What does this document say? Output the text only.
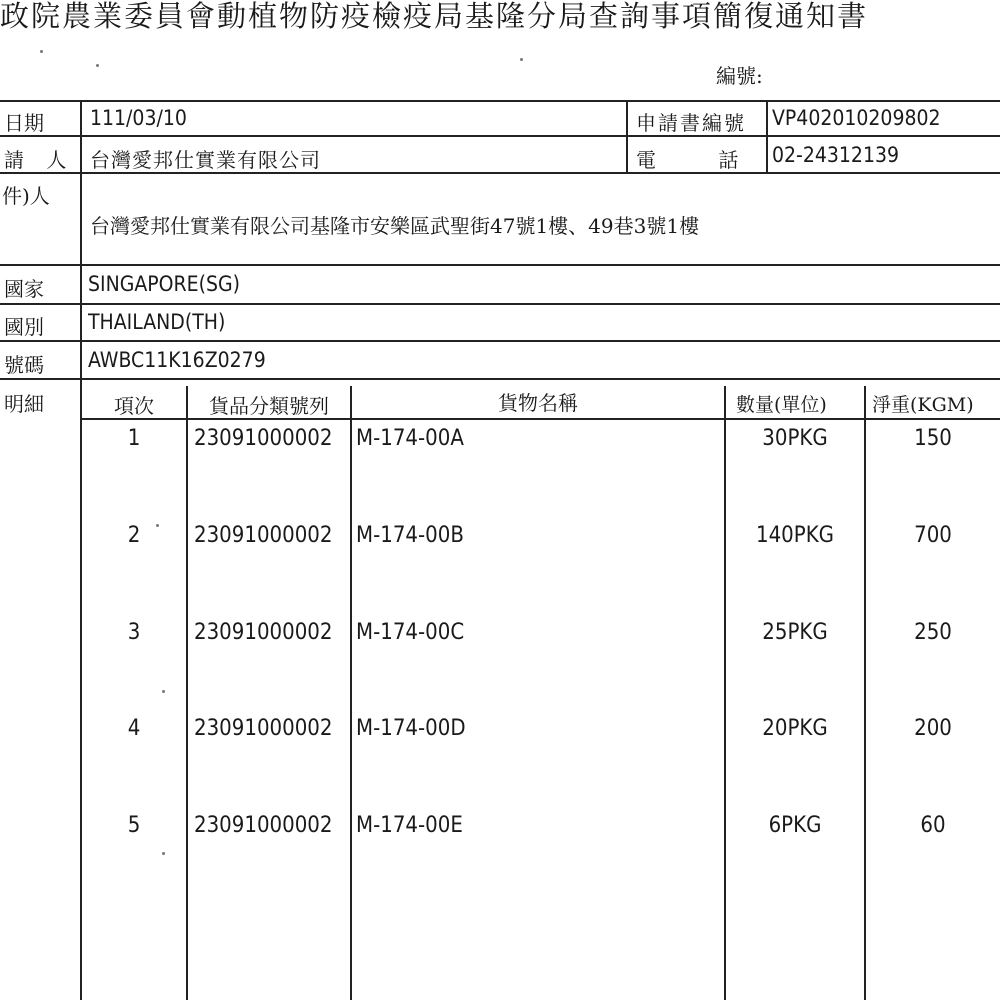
政院農業委員會動植物防疫檢疫局基隆分局查詢事項簡復通知書
編號:
日期 111/03/10	申請書編號 VP402010209802
請 人 台灣愛邦仕實業有限公司	電 話 02-24312139
件)人
台灣愛邦仕實業有限公司基隆市安樂區武聖街47號1樓、49巷3號1樓
國家 SINGAPORE(SG)
國別 THAILAND(TH)
號碼 AWBC11K16Z0279
明細	項次	貨品分類號列	貨物名稱	數量(單位) 淨重(KGM)
1	23091000002 M-174-00A	30PKG	150
2	23091000002 M-174-00B	140PKG	700
3	23091000002 M-174-00C	25PKG	250
4	23091000002 M-174-00D	20PKG	200
5	23091000002 M-174-00E	6PKG	60
